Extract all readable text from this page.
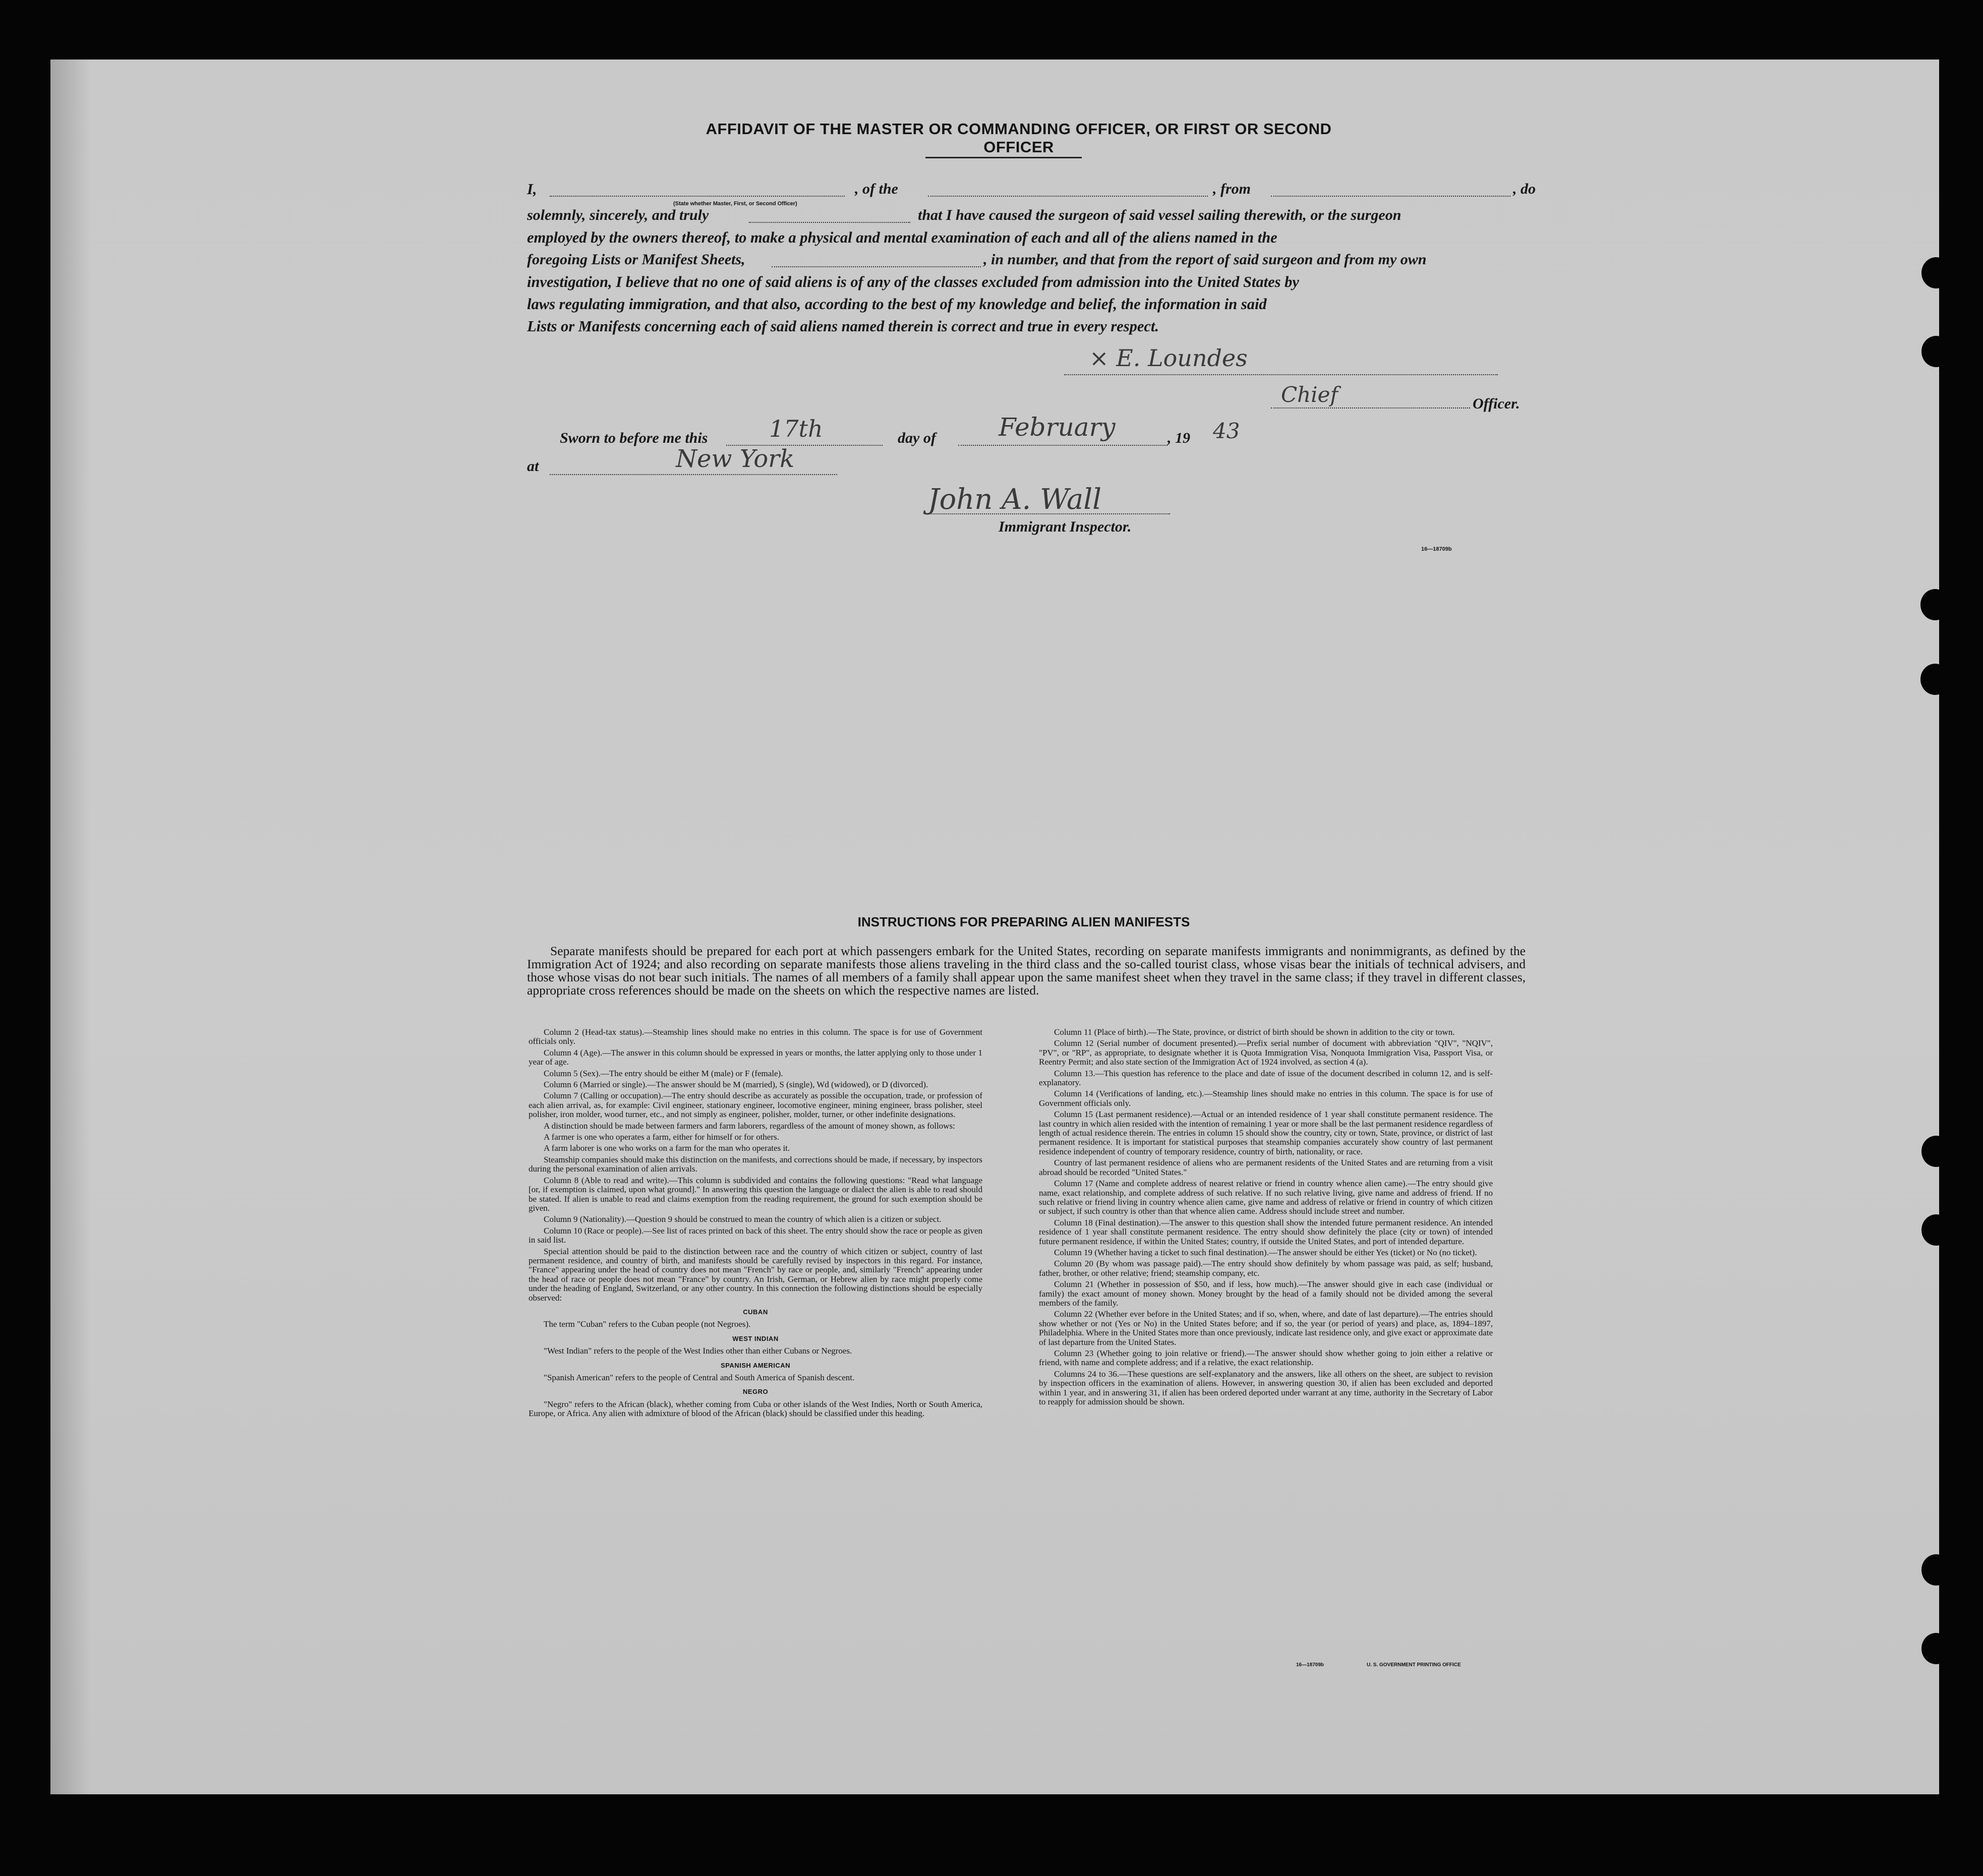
AFFIDAVIT OF THE MASTER OR COMMANDING OFFICER, OR FIRST OR SECOND OFFICER
I,	, of the	, from	, do
(State whether Master, First, or Second Officer)
solemnly, sincerely, and truly	that I have caused the surgeon of said vessel sailing therewith, or the surgeon
employed by the owners thereof, to make a physical and mental examination of each and all of the aliens named in the
foregoing Lists or Manifest Sheets,	, in number, and that from the report of said surgeon and from my own
investigation, I believe that no one of said aliens is of any of the classes excluded from admission into the United States by
laws regulating immigration, and that also, according to the best of my knowledge and belief, the information in said
Lists or Manifests concerning each of said aliens named therein is correct and true in every respect.
× E. Loundes
Chief	Officer.
Sworn to before me this	17th	day of February	, 19 43
at	New York
John A. Wall
Immigrant Inspector.
16—18709b
INSTRUCTIONS FOR PREPARING ALIEN MANIFESTS
Separate manifests should be prepared for each port at which passengers embark for the United States, recording on separate manifests immigrants and nonimmigrants, as defined by the Immigration Act of 1924; and also recording on separate manifests those aliens traveling in the third class and the so-called tourist class, whose visas bear the initials of technical advisers, and those whose visas do not bear such initials. The names of all members of a family shall appear upon the same manifest sheet when they travel in the same class; if they travel in different classes, appropriate cross references should be made on the sheets on which the respective names are listed.

Column 2 (Head-tax status).—Steamship lines should make no entries in this column. The space is for use of Government officials only.

Column 4 (Age).—The answer in this column should be expressed in years or months, the latter applying only to those under 1 year of age.

Column 5 (Sex).—The entry should be either M (male) or F (female).

Column 6 (Married or single).—The answer should be M (married), S (single), Wd (widowed), or D (divorced).

Column 7 (Calling or occupation).—The entry should describe as accurately as possible the occupation, trade, or profession of each alien arrival, as, for example: Civil engineer, stationary engineer, locomotive engineer, mining engineer, brass polisher, steel polisher, iron molder, wood turner, etc., and not simply as engineer, polisher, molder, turner, or other indefinite designations.

A distinction should be made between farmers and farm laborers, regardless of the amount of money shown, as follows:

A farmer is one who operates a farm, either for himself or for others.

A farm laborer is one who works on a farm for the man who operates it.

Steamship companies should make this distinction on the manifests, and corrections should be made, if necessary, by inspectors during the personal examination of alien arrivals.

Column 8 (Able to read and write).—This column is subdivided and contains the following questions: "Read what language [or, if exemption is claimed, upon what ground]." In answering this question the language or dialect the alien is able to read should be stated. If alien is unable to read and claims exemption from the reading requirement, the ground for such exemption should be given.

Column 9 (Nationality).—Question 9 should be construed to mean the country of which alien is a citizen or subject.

Column 10 (Race or people).—See list of races printed on back of this sheet. The entry should show the race or people as given in said list.

Special attention should be paid to the distinction between race and the country of which citizen or subject, country of last permanent residence, and country of birth, and manifests should be carefully revised by inspectors in this regard. For instance, "France" appearing under the head of country does not mean "French" by race or people, and, similarly "French" appearing under the head of race or people does not mean "France" by country. An Irish, German, or Hebrew alien by race might properly come under the heading of England, Switzerland, or any other country. In this connection the following distinctions should be especially observed:

CUBAN

The term "Cuban" refers to the Cuban people (not Negroes).

WEST INDIAN

"West Indian" refers to the people of the West Indies other than either Cubans or Negroes.

SPANISH AMERICAN

"Spanish American" refers to the people of Central and South America of Spanish descent.

NEGRO

"Negro" refers to the African (black), whether coming from Cuba or other islands of the West Indies, North or South America, Europe, or Africa. Any alien with admixture of blood of the African (black) should be classified under this heading.

Column 11 (Place of birth).—The State, province, or district of birth should be shown in addition to the city or town.

Column 12 (Serial number of document presented).—Prefix serial number of document with abbreviation "QIV", "NQIV", "PV", or "RP", as appropriate, to designate whether it is Quota Immigration Visa, Nonquota Immigration Visa, Passport Visa, or Reentry Permit; and also state section of the Immigration Act of 1924 involved, as section 4 (a).

Column 13.—This question has reference to the place and date of issue of the document described in column 12, and is self-explanatory.

Column 14 (Verifications of landing, etc.).—Steamship lines should make no entries in this column. The space is for use of Government officials only.

Column 15 (Last permanent residence).—Actual or an intended residence of 1 year shall constitute permanent residence. The last country in which alien resided with the intention of remaining 1 year or more shall be the last permanent residence regardless of length of actual residence therein. The entries in column 15 should show the country, city or town, State, province, or district of last permanent residence. It is important for statistical purposes that steamship companies accurately show country of last permanent residence independent of country of temporary residence, country of birth, nationality, or race.

Country of last permanent residence of aliens who are permanent residents of the United States and are returning from a visit abroad should be recorded "United States."

Column 17 (Name and complete address of nearest relative or friend in country whence alien came).—The entry should give name, exact relationship, and complete address of such relative. If no such relative living, give name and address of friend. If no such relative or friend living in country whence alien came, give name and address of relative or friend in country of which citizen or subject, if such country is other than that whence alien came. Address should include street and number.

Column 18 (Final destination).—The answer to this question shall show the intended future permanent residence. An intended residence of 1 year shall constitute permanent residence. The entry should show definitely the place (city or town) of intended future permanent residence, if within the United States; country, if outside the United States, and port of intended departure.

Column 19 (Whether having a ticket to such final destination).—The answer should be either Yes (ticket) or No (no ticket).

Column 20 (By whom was passage paid).—The entry should show definitely by whom passage was paid, as self; husband, father, brother, or other relative; friend; steamship company, etc.

Column 21 (Whether in possession of $50, and if less, how much).—The answer should give in each case (individual or family) the exact amount of money shown. Money brought by the head of a family should not be divided among the several members of the family.

Column 22 (Whether ever before in the United States; and if so, when, where, and date of last departure).—The entries should show whether or not (Yes or No) in the United States before; and if so, the year (or period of years) and place, as, 1894–1897, Philadelphia. Where in the United States more than once previously, indicate last residence only, and give exact or approximate date of last departure from the United States.

Column 23 (Whether going to join relative or friend).—The answer should show whether going to join either a relative or friend, with name and complete address; and if a relative, the exact relationship.

Columns 24 to 36.—These questions are self-explanatory and the answers, like all others on the sheet, are subject to revision by inspection officers in the examination of aliens. However, in answering question 30, if alien has been excluded and deported within 1 year, and in answering 31, if alien has been ordered deported under warrant at any time, authority in the Secretary of Labor to reapply for admission should be shown.

16—18709b	U. S. GOVERNMENT PRINTING OFFICE
